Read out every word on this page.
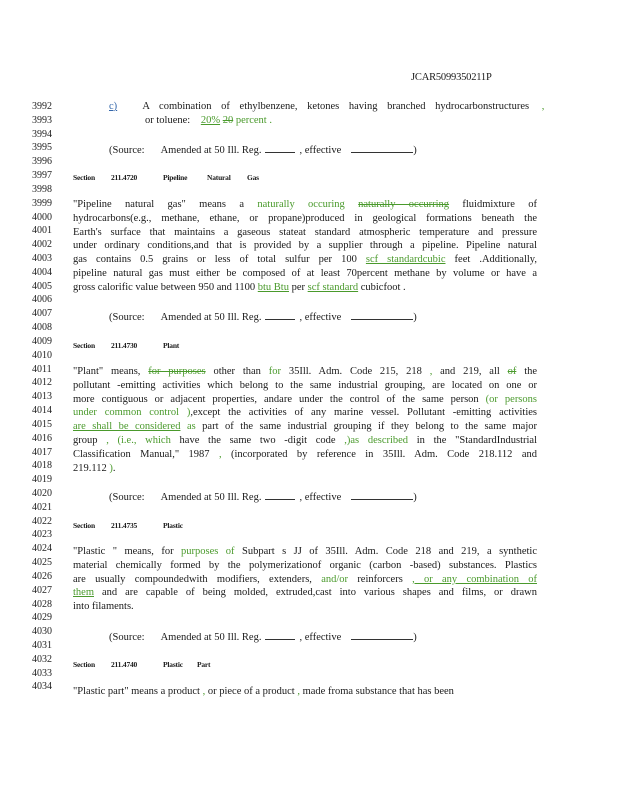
JCAR5099350211P
3992
3993
3994
3995
3996
3997
3998
3999
4000
4001
4002
4003
4004
4005
4006
4007
4008
4009
4010
4011
4012
4013
4014
4015
4016
4017
4018
4019
4020
4021
4022
4023
4024
4025
4026
4027
4028
4029
4030
4031
4032
4033
4034
c) A combination of ethylbenzene, ketones having branched hydrocarbonstructures ,
or toluene: 20% 20 percent .
(Source: Amended at 50 Ill. Reg.	, effective	)
(Source: Amended at 50 Ill. Reg.	, effective	)
(Source: Amended at 50 Ill. Reg.	, effective	)
(Source: Amended at 50 Ill. Reg.	, effective	)
Section 211.4720	Pipeline	Natural Gas
Section 211.4730	Plant
Section 211.4735	Plastic
Section 211.4740	Plastic Part
"Pipeline natural gas" means a naturally occuring naturally occurring fluidmixture of
hydrocarbons(e.g., methane, ethane, or propane)produced in geological formations beneath the
Earth's surface that maintains a gaseous stateat standard atmospheric temperature and pressure
under ordinary conditions,and that is provided by a supplier through a pipeline. Pipeline natural
gas contains 0.5 grains or less of total sulfur per 100 scf standardcubic feet .Additionally,
pipeline natural gas must either be composed of at least 70percent methane by volume or have a
gross calorific value between 950 and 1100 btu Btu per scf standard cubicfoot .
"Plant" means, for purposes other than for 35Ill. Adm. Code 215, 218 , and 219, all of the
pollutant -emitting activities which belong to the same industrial grouping, are located on one or
more contiguous or adjacent properties, andare under the control of the same person (or persons
under common control ),except the activities of any marine vessel. Pollutant -emitting activities
are shall be considered as part of the same industrial grouping if they belong to the same major
group , (i.e., which have the same two -digit code ,)as described in the "StandardIndustrial
Classification Manual," 1987 , (incorporated by reference in 35Ill. Adm. Code 218.112 and
219.112 ).
"Plastic " means, for purposes of Subpart s JJ of 35Ill. Adm. Code 218 and 219, a synthetic
material chemically formed by the polymerizationof organic (carbon -based) substances. Plastics
are usually compoundedwith modifiers, extenders, and/or reinforcers , or any combination of
them and are capable of being molded, extruded,cast into various shapes and films, or drawn
into filaments.
"Plastic part" means a product , or piece of a product , made froma substance that has been
